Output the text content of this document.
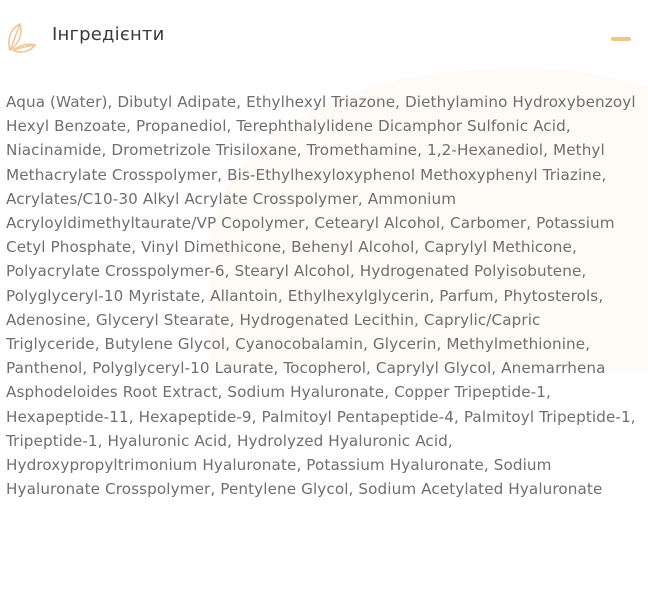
Інгредієнти

Aqua (Water), Dibutyl Adipate, Ethylhexyl Triazone, Diethylamino Hydroxybenzoyl Hexyl Benzoate, Propanediol, Terephthalylidene Dicamphor Sulfonic Acid, Niacinamide, Drometrizole Trisiloxane, Tromethamine, 1,2-Hexanediol, Methyl Methacrylate Crosspolymer, Bis-Ethylhexyloxyphenol Methoxyphenyl Triazine, Acrylates/C10-30 Alkyl Acrylate Crosspolymer, Ammonium Acryloyldimethyltaurate/VP Copolymer, Cetearyl Alcohol, Carbomer, Potassium Cetyl Phosphate, Vinyl Dimethicone, Behenyl Alcohol, Caprylyl Methicone, Polyacrylate Crosspolymer-6, Stearyl Alcohol, Hydrogenated Polyisobutene, Polyglyceryl-10 Myristate, Allantoin, Ethylhexylglycerin, Parfum, Phytosterols, Adenosine, Glyceryl Stearate, Hydrogenated Lecithin, Caprylic/Capric Triglyceride, Butylene Glycol, Cyanocobalamin, Glycerin, Methylmethionine, Panthenol, Polyglyceryl-10 Laurate, Tocopherol, Caprylyl Glycol, Anemarrhena Asphodeloides Root Extract, Sodium Hyaluronate, Copper Tripeptide-1, Hexapeptide-11, Hexapeptide-9, Palmitoyl Pentapeptide-4, Palmitoyl Tripeptide-1, Tripeptide-1, Hyaluronic Acid, Hydrolyzed Hyaluronic Acid, Hydroxypropyltrimonium Hyaluronate, Potassium Hyaluronate, Sodium Hyaluronate Crosspolymer, Pentylene Glycol, Sodium Acetylated Hyaluronate
